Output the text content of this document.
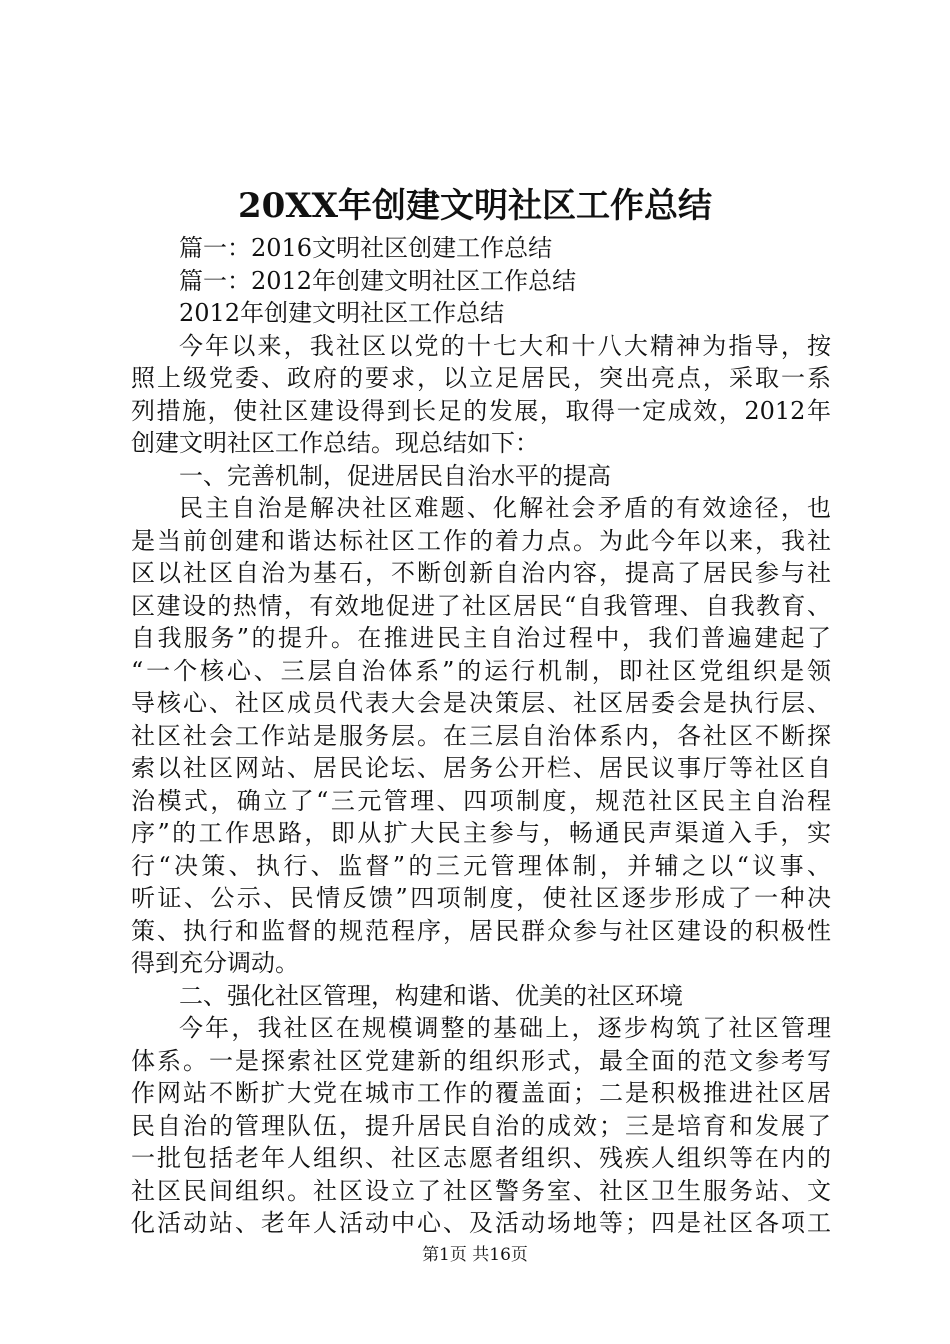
20XX年创建文明社区工作总结
篇一：2016文明社区创建工作总结
篇一：2012年创建文明社区工作总结
2012年创建文明社区工作总结
今年以来，我社区以党的十七大和十八大精神为指导，按
照上级党委、政府的要求，以立足居民，突出亮点，采取一系
列措施，使社区建设得到长足的发展，取得一定成效，2012年
创建文明社区工作总结。现总结如下：
一、完善机制，促进居民自治水平的提高
民主自治是解决社区难题、化解社会矛盾的有效途径，也
是当前创建和谐达标社区工作的着力点。为此今年以来，我社
区以社区自治为基石，不断创新自治内容，提高了居民参与社
区建设的热情，有效地促进了社区居民“自我管理、自我教育、
自我服务”的提升。在推进民主自治过程中，我们普遍建起了
“一个核心、三层自治体系”的运行机制，即社区党组织是领
导核心、社区成员代表大会是决策层、社区居委会是执行层、
社区社会工作站是服务层。在三层自治体系内，各社区不断探
索以社区网站、居民论坛、居务公开栏、居民议事厅等社区自
治模式，确立了“三元管理、四项制度，规范社区民主自治程
序”的工作思路，即从扩大民主参与，畅通民声渠道入手，实
行“决策、执行、监督”的三元管理体制，并辅之以“议事、
听证、公示、民情反馈”四项制度，使社区逐步形成了一种决
策、执行和监督的规范程序，居民群众参与社区建设的积极性
得到充分调动。
二、强化社区管理，构建和谐、优美的社区环境
今年，我社区在规模调整的基础上，逐步构筑了社区管理
体系。一是探索社区党建新的组织形式，最全面的范文参考写
作网站不断扩大党在城市工作的覆盖面；二是积极推进社区居
民自治的管理队伍，提升居民自治的成效；三是培育和发展了
一批包括老年人组织、社区志愿者组织、残疾人组织等在内的
社区民间组织。社区设立了社区警务室、社区卫生服务站、文
化活动站、老年人活动中心、及活动场地等；四是社区各项工
第1页 共16页
